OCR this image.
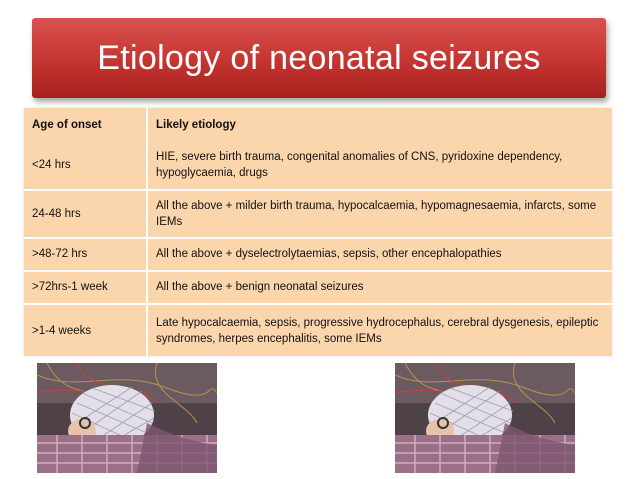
Etiology of neonatal seizures
Age of onset	Likely etiology
<24 hrs	HIE, severe birth trauma, congenital anomalies of CNS, pyridoxine dependency, hypoglycaemia, drugs
24-48 hrs	All the above + milder birth trauma, hypocalcaemia, hypomagnesaemia, infarcts, some IEMs
>48-72 hrs	All the above + dyselectrolytaemias, sepsis, other encephalopathies
>72hrs-1 week	All the above + benign neonatal seizures
>1-4 weeks	Late hypocalcaemia, sepsis, progressive hydrocephalus, cerebral dysgenesis, epileptic syndromes, herpes encephalitis, some IEMs
